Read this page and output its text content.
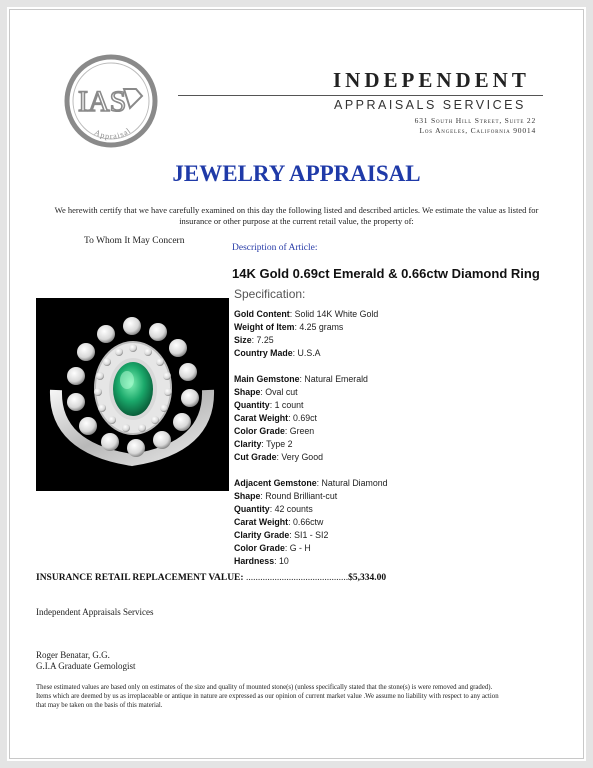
IAS
Appraisal
INDEPENDENT
APPRAISALS SERVICES
631 South Hill Street, Suite 22
Los Angeles, California 90014
JEWELRY APPRAISAL
We herewith certify that we have carefully examined on this day the following listed and described articles. We estimate the value as listed for insurance or other purpose at the current retail value, the property of:
To Whom It May Concern
Description of Article:
14K Gold 0.69ct Emerald & 0.66ctw Diamond Ring
Specification:
Gold Content: Solid 14K White Gold
Weight of Item: 4.25 grams
Size: 7.25
Country Made: U.S.A
Main Gemstone: Natural Emerald
Shape: Oval cut
Quantity: 1 count
Carat Weight: 0.69ct
Color Grade: Green
Clarity: Type 2
Cut Grade: Very Good
Adjacent Gemstone: Natural Diamond
Shape: Round Brilliant-cut
Quantity: 42 counts
Carat Weight: 0.66ctw
Clarity Grade: SI1 - SI2
Color Grade: G - H
Hardness: 10
INSURANCE RETAIL REPLACEMENT VALUE: ...........................................$5,334.00
Independent Appraisals Services
Roger Benatar, G.G.
G.I.A Graduate Gemologist
These estimated values are based only on estimates of the size and quality of mounted stone(s) (unless specifically stated that the stone(s) is were removed and graded). Items which are deemed by us as irreplaceable or antique in nature are expressed as our opinion of current market value .We assume no liability with respect to any action that may be taken on the basis of this material.
